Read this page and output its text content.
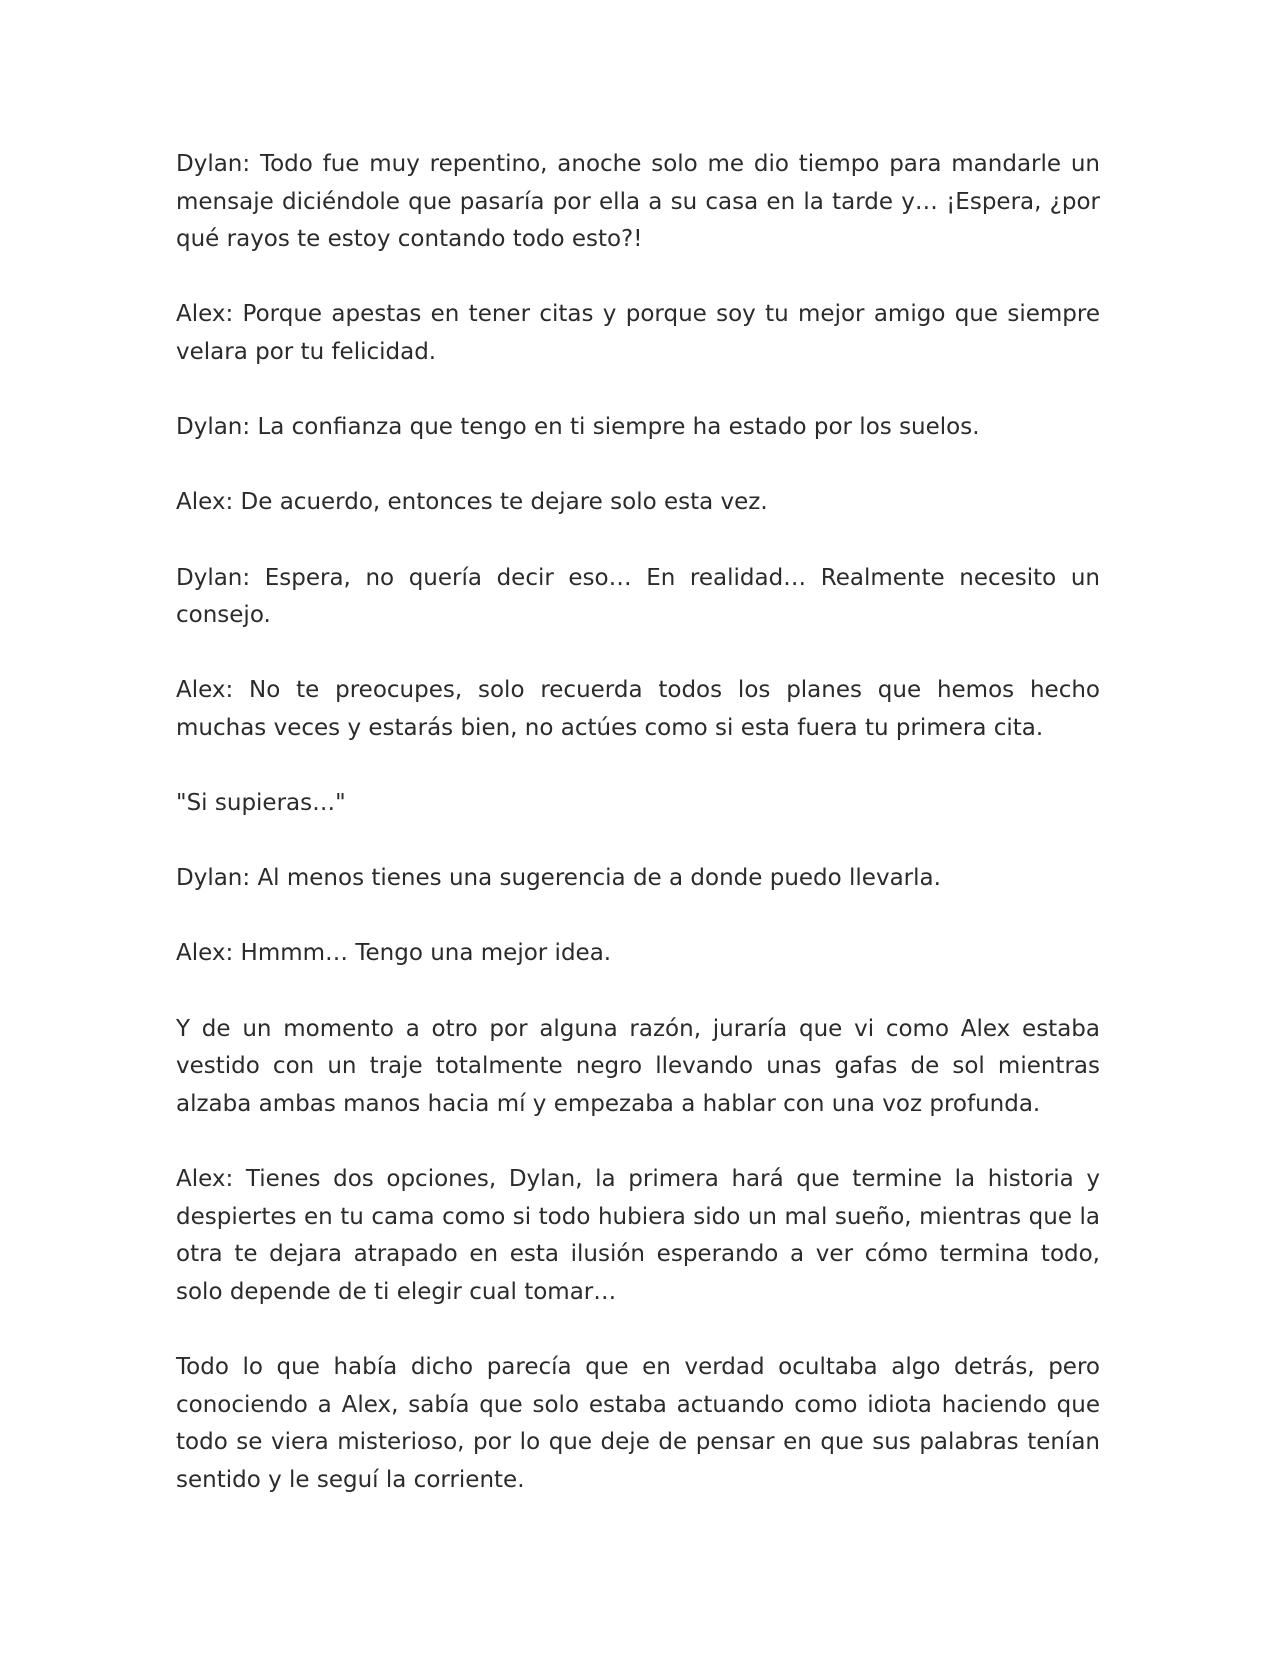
Dylan: Todo fue muy repentino, anoche solo me dio tiempo para mandarle un mensaje diciéndole que pasaría por ella a su casa en la tarde y… ¡Espera, ¿por qué rayos te estoy contando todo esto?!

Alex: Porque apestas en tener citas y porque soy tu mejor amigo que siempre velara por tu felicidad.

Dylan: La confianza que tengo en ti siempre ha estado por los suelos.

Alex: De acuerdo, entonces te dejare solo esta vez.

Dylan: Espera, no quería decir eso… En realidad… Realmente necesito un consejo.

Alex: No te preocupes, solo recuerda todos los planes que hemos hecho muchas veces y estarás bien, no actúes como si esta fuera tu primera cita.

"Si supieras…"

Dylan: Al menos tienes una sugerencia de a donde puedo llevarla.

Alex: Hmmm… Tengo una mejor idea.

Y de un momento a otro por alguna razón, juraría que vi como Alex estaba vestido con un traje totalmente negro llevando unas gafas de sol mientras alzaba ambas manos hacia mí y empezaba a hablar con una voz profunda.

Alex: Tienes dos opciones, Dylan, la primera hará que termine la historia y despiertes en tu cama como si todo hubiera sido un mal sueño, mientras que la otra te dejara atrapado en esta ilusión esperando a ver cómo termina todo, solo depende de ti elegir cual tomar…

Todo lo que había dicho parecía que en verdad ocultaba algo detrás, pero conociendo a Alex, sabía que solo estaba actuando como idiota haciendo que todo se viera misterioso, por lo que deje de pensar en que sus palabras tenían sentido y le seguí la corriente.
